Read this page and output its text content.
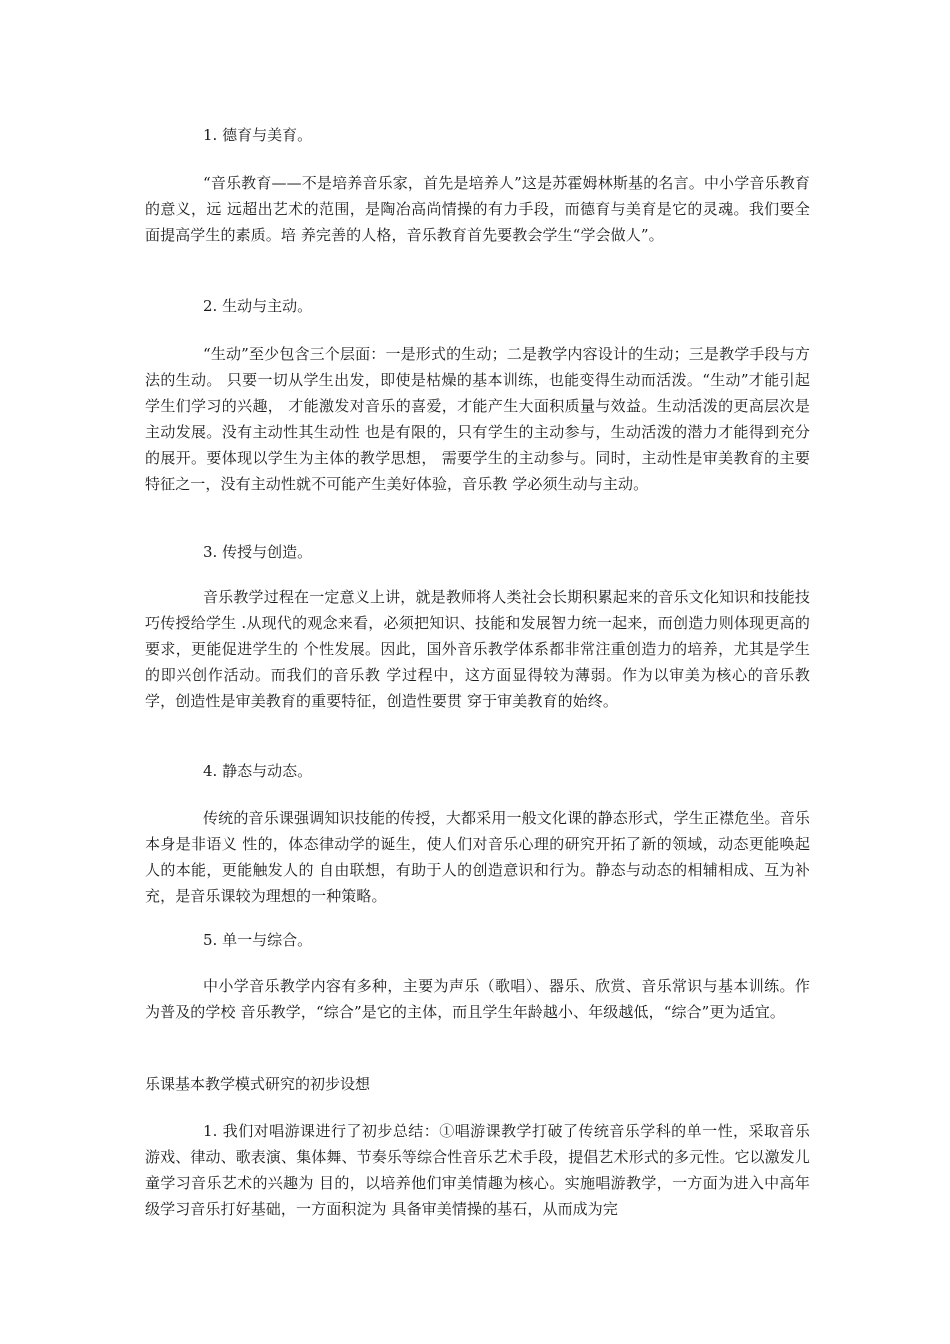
1. 德育与美育。
“音乐教育——不是培养音乐家，首先是培养人”这是苏霍姆林斯基的名言。中小学音乐教育的意义，远 远超出艺术的范围，是陶冶高尚情操的有力手段，而德育与美育是它的灵魂。我们要全面提高学生的素质。培 养完善的人格，音乐教育首先要教会学生“学会做人”。
2. 生动与主动。
“生动”至少包含三个层面：一是形式的生动；二是教学内容设计的生动；三是教学手段与方法的生动。 只要一切从学生出发，即使是枯燥的基本训练，也能变得生动而活泼。“生动”才能引起学生们学习的兴趣， 才能激发对音乐的喜爱，才能产生大面积质量与效益。生动活泼的更高层次是主动发展。没有主动性其生动性 也是有限的，只有学生的主动参与，生动活泼的潜力才能得到充分的展开。要体现以学生为主体的教学思想， 需要学生的主动参与。同时，主动性是审美教育的主要特征之一，没有主动性就不可能产生美好体验，音乐教 学必须生动与主动。
3. 传授与创造。
音乐教学过程在一定意义上讲，就是教师将人类社会长期积累起来的音乐文化知识和技能技巧传授给学生 .从现代的观念来看，必须把知识、技能和发展智力统一起来，而创造力则体现更高的要求，更能促进学生的 个性发展。因此，国外音乐教学体系都非常注重创造力的培养，尤其是学生的即兴创作活动。而我们的音乐教 学过程中，这方面显得较为薄弱。作为以审美为核心的音乐教学，创造性是审美教育的重要特征，创造性要贯 穿于审美教育的始终。
4. 静态与动态。
传统的音乐课强调知识技能的传授，大都采用一般文化课的静态形式，学生正襟危坐。音乐本身是非语义 性的，体态律动学的诞生，使人们对音乐心理的研究开拓了新的领域，动态更能唤起人的本能，更能触发人的 自由联想，有助于人的创造意识和行为。静态与动态的相辅相成、互为补充，是音乐课较为理想的一种策略。
5. 单一与综合。
中小学音乐教学内容有多种，主要为声乐（歌唱）、器乐、欣赏、音乐常识与基本训练。作为普及的学校 音乐教学，“综合”是它的主体，而且学生年龄越小、年级越低，“综合”更为适宜。
乐课基本教学模式研究的初步设想
1. 我们对唱游课进行了初步总结：①唱游课教学打破了传统音乐学科的单一性，采取音乐游戏、律动、歌表演、集体舞、节奏乐等综合性音乐艺术手段，提倡艺术形式的多元性。它以激发儿童学习音乐艺术的兴趣为 目的，以培养他们审美情趣为核心。实施唱游教学，一方面为进入中高年级学习音乐打好基础，一方面积淀为 具备审美情操的基石，从而成为完
